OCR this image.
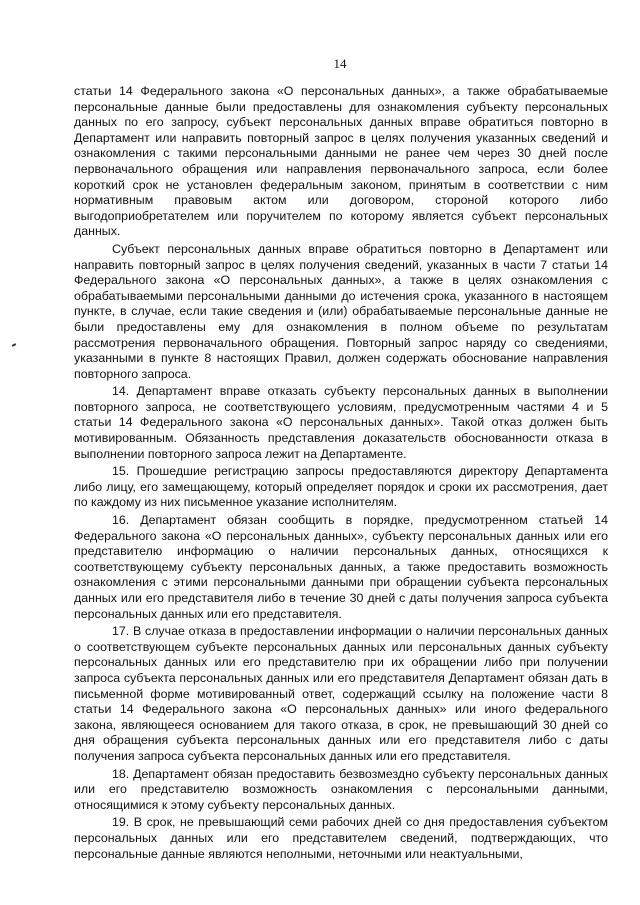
14

статьи 14 Федерального закона «О персональных данных», а также обрабатываемые персональные данные были предоставлены для ознакомления субъекту персональных данных по его запросу, субъект персональных данных вправе обратиться повторно в Департамент или направить повторный запрос в целях получения указанных сведений и ознакомления с такими персональными данными не ранее чем через 30 дней после первоначального обращения или направления первоначального запроса, если более короткий срок не установлен федеральным законом, принятым в соответствии с ним нормативным правовым актом или договором, стороной которого либо выгодоприобретателем или поручителем по которому является субъект персональных данных.

Субъект персональных данных вправе обратиться повторно в Департамент или направить повторный запрос в целях получения сведений, указанных в части 7 статьи 14 Федерального закона «О персональных данных», а также в целях ознакомления с обрабатываемыми персональными данными до истечения срока, указанного в настоящем пункте, в случае, если такие сведения и (или) обрабатываемые персональные данные не были предоставлены ему для ознакомления в полном объеме по результатам рассмотрения первоначального обращения. Повторный запрос наряду со сведениями, указанными в пункте 8 настоящих Правил, должен содержать обоснование направления повторного запроса.

14. Департамент вправе отказать субъекту персональных данных в выполнении повторного запроса, не соответствующего условиям, предусмотренным частями 4 и 5 статьи 14 Федерального закона «О персональных данных». Такой отказ должен быть мотивированным. Обязанность представления доказательств обоснованности отказа в выполнении повторного запроса лежит на Департаменте.

15. Прошедшие регистрацию запросы предоставляются директору Департамента либо лицу, его замещающему, который определяет порядок и сроки их рассмотрения, дает по каждому из них письменное указание исполнителям.

16. Департамент обязан сообщить в порядке, предусмотренном статьей 14 Федерального закона «О персональных данных», субъекту персональных данных или его представителю информацию о наличии персональных данных, относящихся к соответствующему субъекту персональных данных, а также предоставить возможность ознакомления с этими персональными данными при обращении субъекта персональных данных или его представителя либо в течение 30 дней с даты получения запроса субъекта персональных данных или его представителя.

17. В случае отказа в предоставлении информации о наличии персональных данных о соответствующем субъекте персональных данных или персональных данных субъекту персональных данных или его представителю при их обращении либо при получении запроса субъекта персональных данных или его представителя Департамент обязан дать в письменной форме мотивированный ответ, содержащий ссылку на положение части 8 статьи 14 Федерального закона «О персональных данных» или иного федерального закона, являющееся основанием для такого отказа, в срок, не превышающий 30 дней со дня обращения субъекта персональных данных или его представителя либо с даты получения запроса субъекта персональных данных или его представителя.

18. Департамент обязан предоставить безвозмездно субъекту персональных данных или его представителю возможность ознакомления с персональными данными, относящимися к этому субъекту персональных данных.

19. В срок, не превышающий семи рабочих дней со дня предоставления субъектом персональных данных или его представителем сведений, подтверждающих, что персональные данные являются неполными, неточными или неактуальными,
